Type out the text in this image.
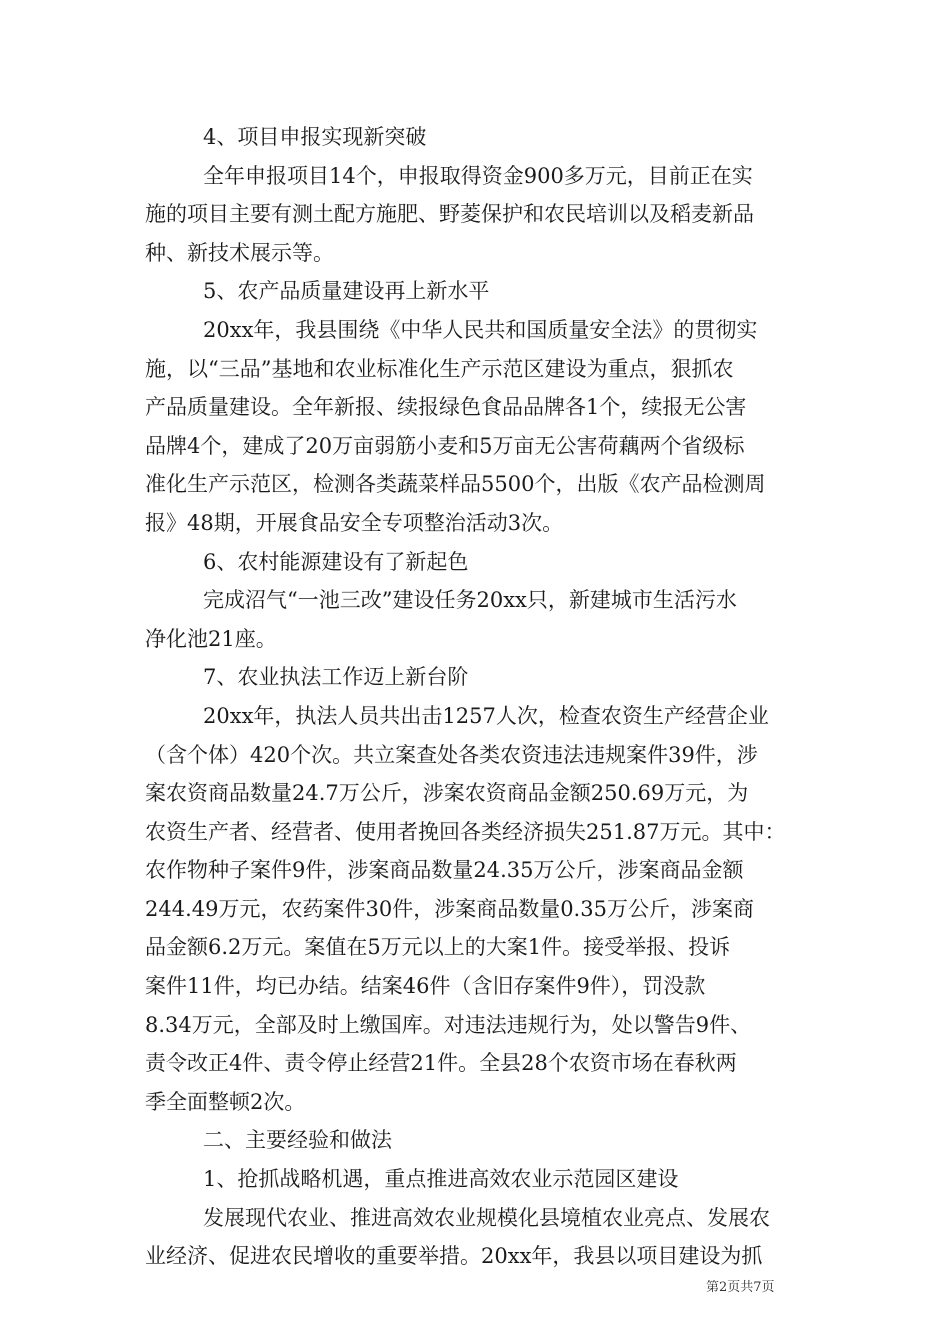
4、项目申报实现新突破
全年申报项目14个，申报取得资金900多万元，目前正在实
施的项目主要有测土配方施肥、野菱保护和农民培训以及稻麦新品
种、新技术展示等。
5、农产品质量建设再上新水平
20xx年，我县围绕《中华人民共和国质量安全法》的贯彻实
施，以“三品”基地和农业标准化生产示范区建设为重点，狠抓农
产品质量建设。全年新报、续报绿色食品品牌各1个，续报无公害
品牌4个，建成了20万亩弱筋小麦和5万亩无公害荷藕两个省级标
准化生产示范区，检测各类蔬菜样品5500个，出版《农产品检测周
报》48期，开展食品安全专项整治活动3次。
6、农村能源建设有了新起色
完成沼气“一池三改”建设任务20xx只，新建城市生活污水
净化池21座。
7、农业执法工作迈上新台阶
20xx年，执法人员共出击1257人次，检查农资生产经营企业
（含个体）420个次。共立案查处各类农资违法违规案件39件，涉
案农资商品数量24.7万公斤，涉案农资商品金额250.69万元，为
农资生产者、经营者、使用者挽回各类经济损失251.87万元。其中：
农作物种子案件9件，涉案商品数量24.35万公斤，涉案商品金额
244.49万元，农药案件30件，涉案商品数量0.35万公斤，涉案商
品金额6.2万元。案值在5万元以上的大案1件。接受举报、投诉
案件11件，均已办结。结案46件（含旧存案件9件），罚没款
8.34万元，全部及时上缴国库。对违法违规行为，处以警告9件、
责令改正4件、责令停止经营21件。全县28个农资市场在春秋两
季全面整顿2次。
二、主要经验和做法
1、抢抓战略机遇，重点推进高效农业示范园区建设
发展现代农业、推进高效农业规模化县境植农业亮点、发展农
业经济、促进农民增收的重要举措。20xx年，我县以项目建设为抓
第2页共7页
